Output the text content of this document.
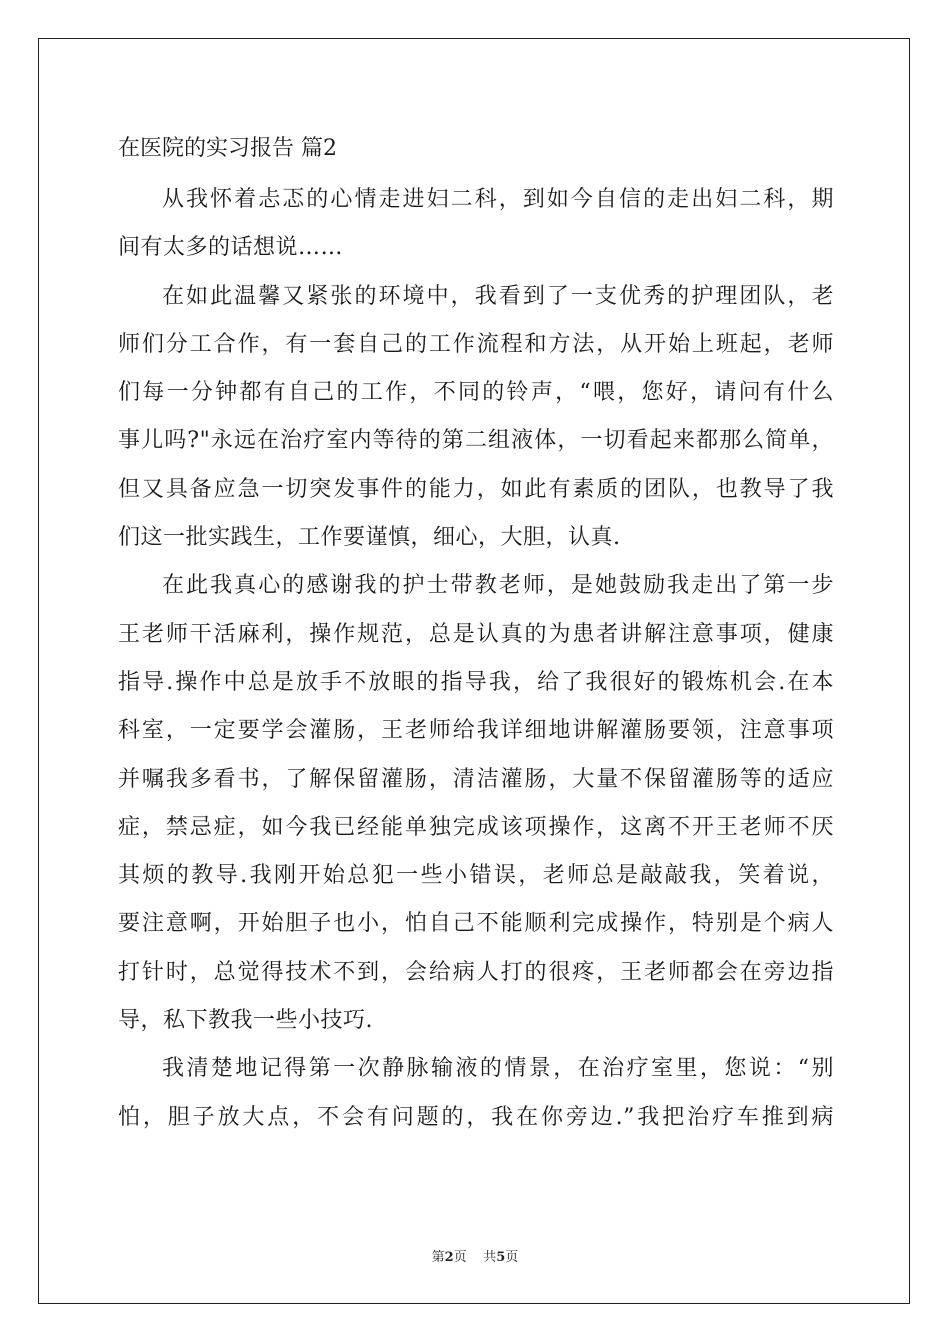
在医院的实习报告 篇2
从我怀着忐忑的心情走进妇二科，到如今自信的走出妇二科，期
间有太多的话想说……
在如此温馨又紧张的环境中，我看到了一支优秀的护理团队，老
师们分工合作，有一套自己的工作流程和方法，从开始上班起，老师
们每一分钟都有自己的工作，不同的铃声，“喂，您好，请问有什么
事儿吗?"永远在治疗室内等待的第二组液体，一切看起来都那么简单，
但又具备应急一切突发事件的能力，如此有素质的团队，也教导了我
们这一批实践生，工作要谨慎，细心，大胆，认真.
在此我真心的感谢我的护士带教老师，是她鼓励我走出了第一步
王老师干活麻利，操作规范，总是认真的为患者讲解注意事项，健康
指导.操作中总是放手不放眼的指导我，给了我很好的锻炼机会.在本
科室，一定要学会灌肠，王老师给我详细地讲解灌肠要领，注意事项
并嘱我多看书，了解保留灌肠，清洁灌肠，大量不保留灌肠等的适应
症，禁忌症，如今我已经能单独完成该项操作，这离不开王老师不厌
其烦的教导.我刚开始总犯一些小错误，老师总是敲敲我，笑着说，
要注意啊，开始胆子也小，怕自己不能顺利完成操作，特别是个病人
打针时，总觉得技术不到，会给病人打的很疼，王老师都会在旁边指
导，私下教我一些小技巧.
我清楚地记得第一次静脉输液的情景，在治疗室里，您说：“别
怕，胆子放大点，不会有问题的，我在你旁边.”我把治疗车推到病
第2页 共5页
